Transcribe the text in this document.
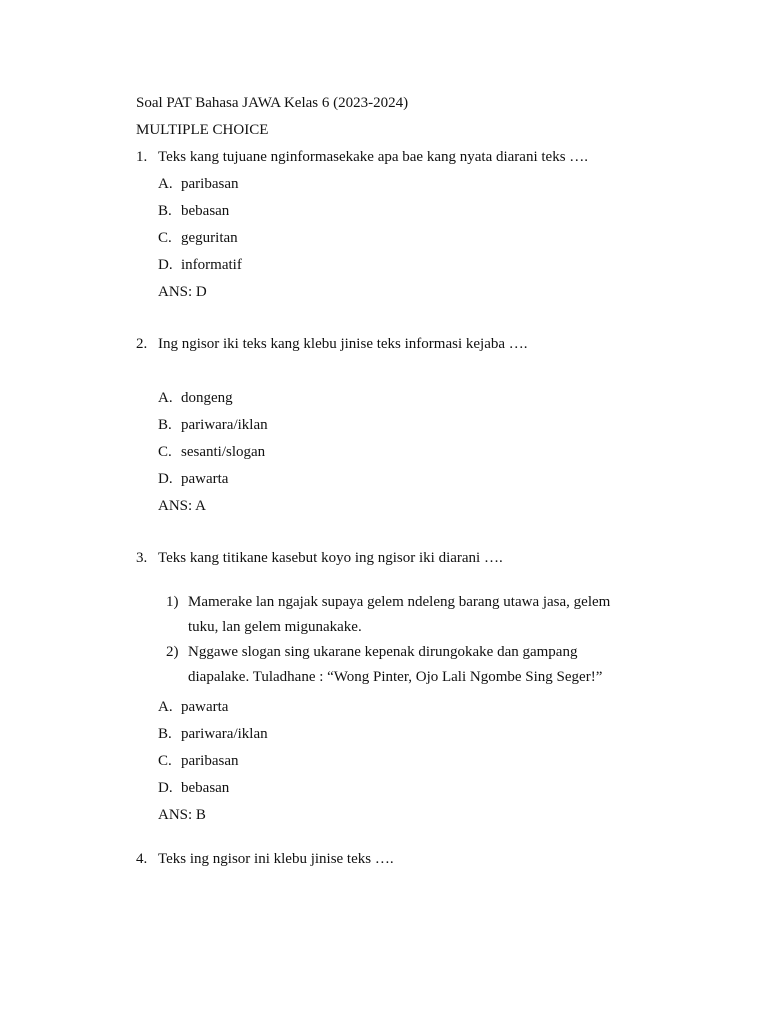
Soal PAT Bahasa JAWA Kelas 6 (2023-2024)
MULTIPLE CHOICE
1. Teks kang tujuane nginformasekake apa bae kang nyata diarani teks ….
A. paribasan
B. bebasan
C. geguritan
D. informatif
ANS: D
2. Ing ngisor iki teks kang klebu jinise teks informasi kejaba ….
A. dongeng
B. pariwara/iklan
C. sesanti/slogan
D. pawarta
ANS: A
3. Teks kang titikane kasebut koyo ing ngisor iki diarani ….
1) Mamerake lan ngajak supaya gelem ndeleng barang utawa jasa, gelem
tuku, lan gelem migunakake.
2) Nggawe slogan sing ukarane kepenak dirungokake dan gampang
diapalake. Tuladhane : “Wong Pinter, Ojo Lali Ngombe Sing Seger!”
A. pawarta
B. pariwara/iklan
C. paribasan
D. bebasan
ANS: B
4. Teks ing ngisor ini klebu jinise teks ….
